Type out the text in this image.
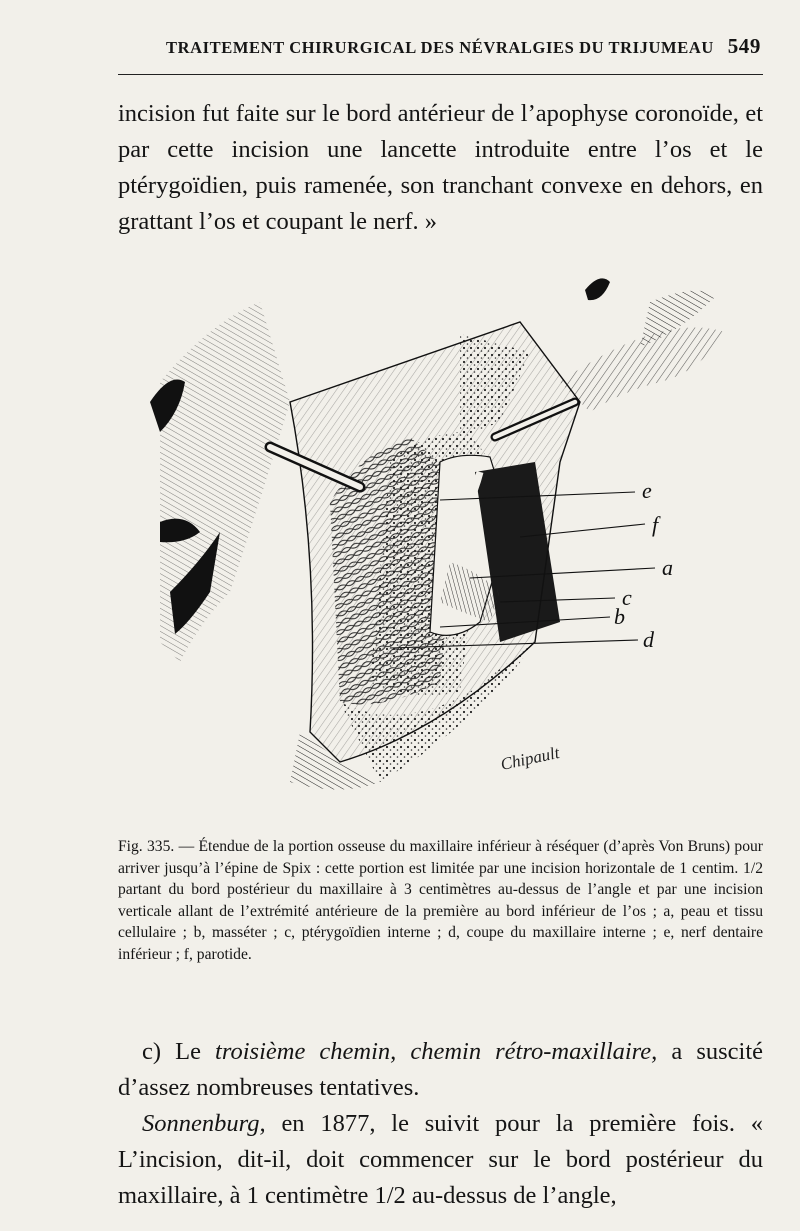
TRAITEMENT CHIRURGICAL DES NÉVRALGIES DU TRIJUMEAU 549

incision fut faite sur le bord antérieur de l’apophyse coronoïde, et par cette incision une lancette introduite entre l’os et le ptérygoïdien, puis ramenée, son tranchant convexe en dehors, en grattant l’os et coupant le nerf. »

e
f
a
c
b
d
Chipault

Fig. 335. — Étendue de la portion osseuse du maxillaire inférieur à réséquer (d’après Von Bruns) pour arriver jusqu’à l’épine de Spix : cette portion est limitée par une incision horizontale de 1 centim. 1/2 partant du bord postérieur du maxillaire à 3 centimètres au-dessus de l’angle et par une incision verticale allant de l’extrémité antérieure de la première au bord inférieur de l’os ; a, peau et tissu cellulaire ; b, masséter ; c, ptérygoïdien interne ; d, coupe du maxillaire interne ; e, nerf dentaire inférieur ; f, parotide.

c) Le troisième chemin, chemin rétro-maxillaire, a suscité d’assez nombreuses tentatives.

Sonnenburg, en 1877, le suivit pour la première fois. « L’incision, dit-il, doit commencer sur le bord postérieur du maxillaire, à 1 centimètre 1/2 au-dessus de l’angle,
